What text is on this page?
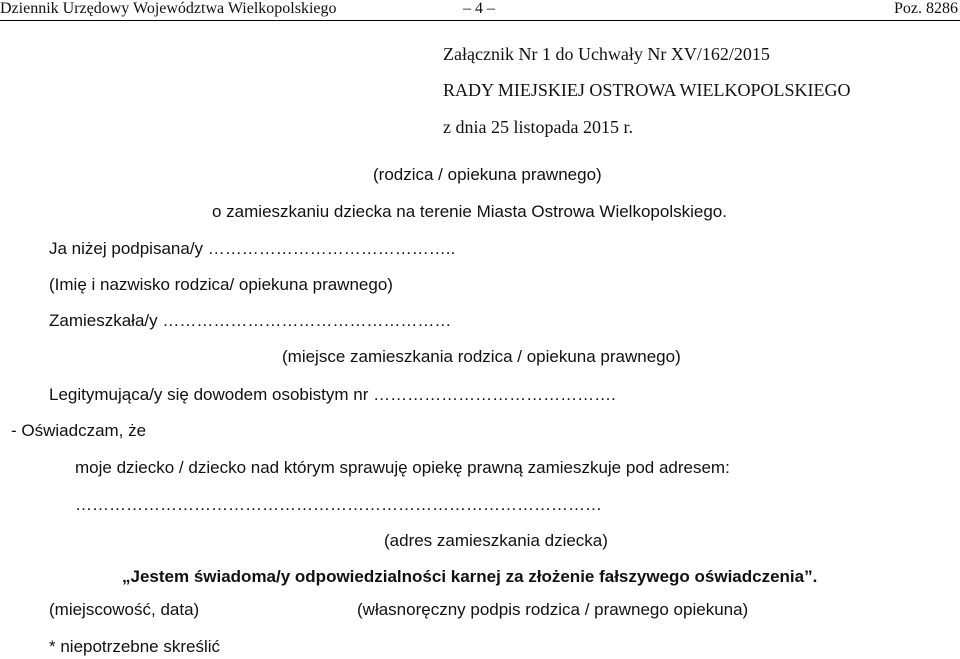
Dziennik Urzędowy Województwa Wielkopolskiego	– 4 –	Poz. 8286
Załącznik Nr 1 do Uchwały Nr XV/162/2015
RADY MIEJSKIEJ OSTROWA WIELKOPOLSKIEGO
z dnia 25 listopada 2015 r.
(rodzica / opiekuna prawnego)
o zamieszkaniu dziecka na terenie Miasta Ostrowa Wielkopolskiego.
Ja niżej podpisana/y ……………………………………..
(Imię i nazwisko rodzica/ opiekuna prawnego)
Zamieszkała/y ……………………………………………
(miejsce zamieszkania rodzica / opiekuna prawnego)
Legitymująca/y się dowodem osobistym nr …………………………………….
- Oświadczam, że
moje dziecko / dziecko nad którym sprawuję opiekę prawną zamieszkuje pod adresem:
…………………………………………………………………………………
(adres zamieszkania dziecka)
„Jestem świadoma/y odpowiedzialności karnej za złożenie fałszywego oświadczenia”.
(miejscowość, data)	(własnoręczny podpis rodzica / prawnego opiekuna)
* niepotrzebne skreślić
